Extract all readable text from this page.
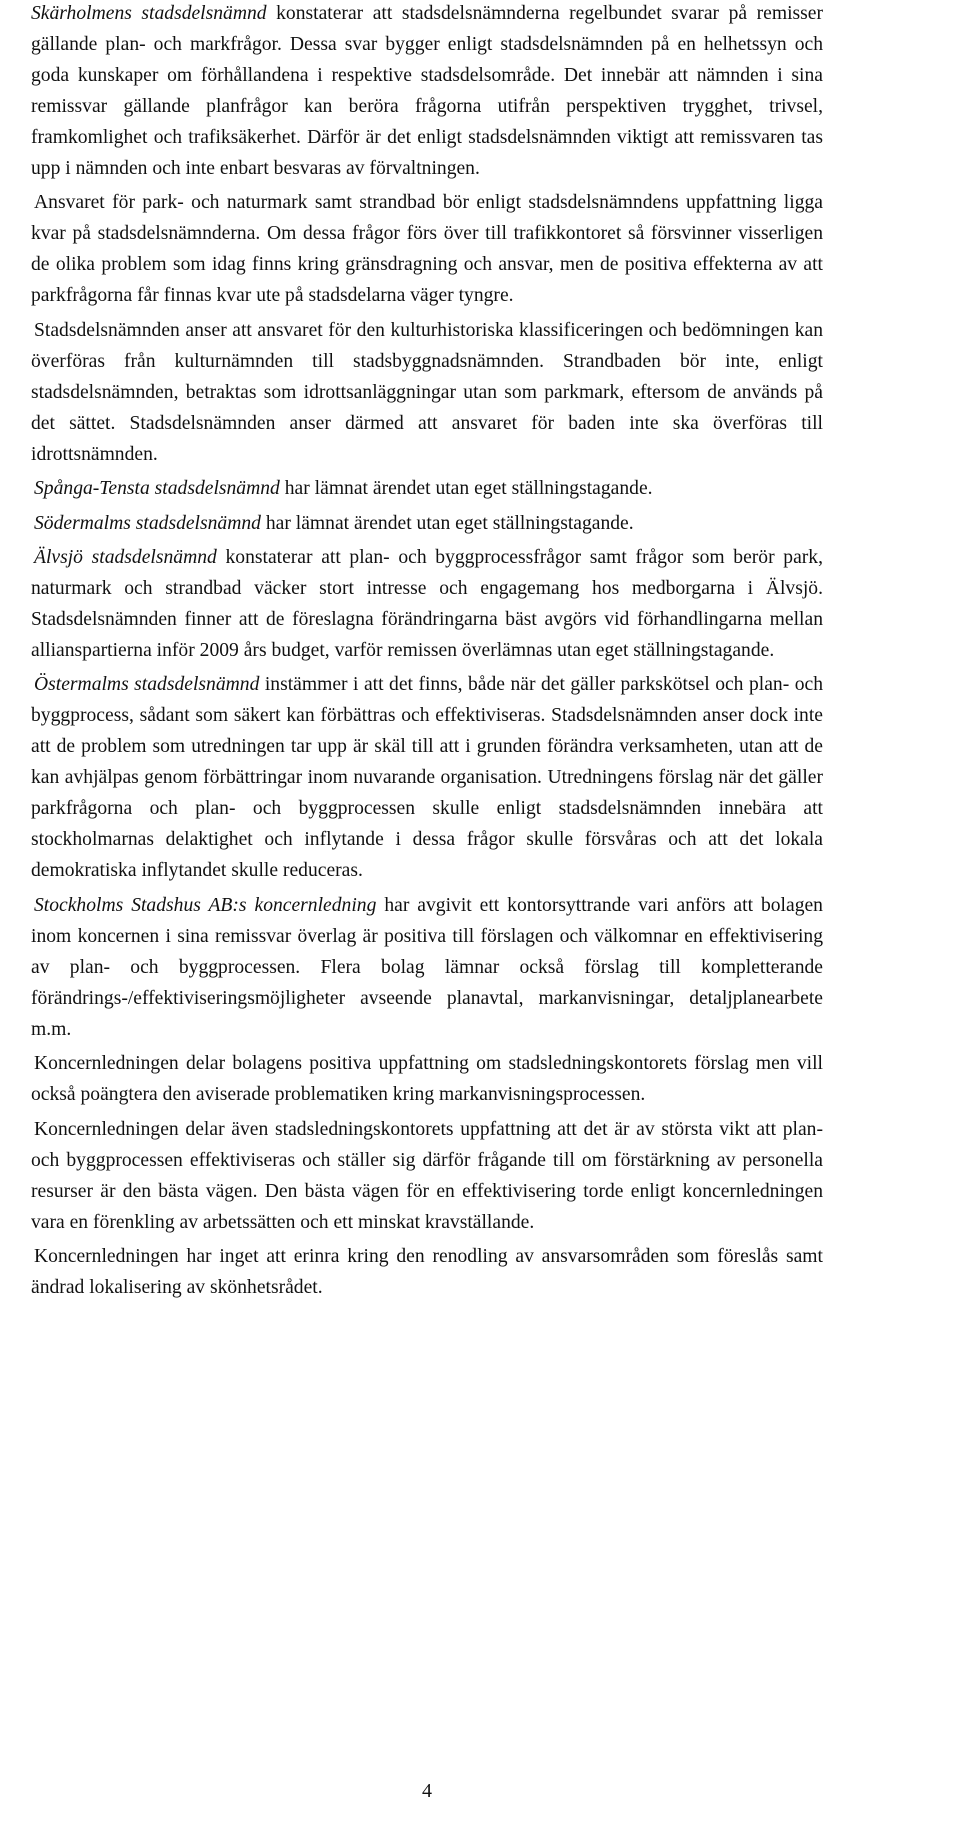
Skärholmens stadsdelsnämnd konstaterar att stadsdelsnämnderna regelbundet svarar på remisser gällande plan- och markfrågor. Dessa svar bygger enligt stadsdelsnämnden på en helhetssyn och goda kunskaper om förhållandena i respektive stadsdelsområde. Det innebär att nämnden i sina remissvar gällande planfrågor kan beröra frågorna utifrån perspektiven trygghet, trivsel, framkomlighet och trafiksäkerhet. Därför är det enligt stadsdelsnämnden viktigt att remissvaren tas upp i nämnden och inte enbart besvaras av förvaltningen.

Ansvaret för park- och naturmark samt strandbad bör enligt stadsdelsnämndens uppfattning ligga kvar på stadsdelsnämnderna. Om dessa frågor förs över till trafikkontoret så försvinner visserligen de olika problem som idag finns kring gränsdragning och ansvar, men de positiva effekterna av att parkfrågorna får finnas kvar ute på stadsdelarna väger tyngre.

Stadsdelsnämnden anser att ansvaret för den kulturhistoriska klassificeringen och bedömningen kan överföras från kulturnämnden till stadsbyggnadsnämnden. Strandbaden bör inte, enligt stadsdelsnämnden, betraktas som idrottsanläggningar utan som parkmark, eftersom de används på det sättet. Stadsdelsnämnden anser därmed att ansvaret för baden inte ska överföras till idrottsnämnden.

Spånga-Tensta stadsdelsnämnd har lämnat ärendet utan eget ställningstagande.

Södermalms stadsdelsnämnd har lämnat ärendet utan eget ställningstagande.

Älvsjö stadsdelsnämnd konstaterar att plan- och byggprocessfrågor samt frågor som berör park, naturmark och strandbad väcker stort intresse och engagemang hos medborgarna i Älvsjö. Stadsdelsnämnden finner att de föreslagna förändringarna bäst avgörs vid förhandlingarna mellan allianspartierna inför 2009 års budget, varför remissen överlämnas utan eget ställningstagande.

Östermalms stadsdelsnämnd instämmer i att det finns, både när det gäller parkskötsel och plan- och byggprocess, sådant som säkert kan förbättras och effektiviseras. Stadsdelsnämnden anser dock inte att de problem som utredningen tar upp är skäl till att i grunden förändra verksamheten, utan att de kan avhjälpas genom förbättringar inom nuvarande organisation. Utredningens förslag när det gäller parkfrågorna och plan- och byggprocessen skulle enligt stadsdelsnämnden innebära att stockholmarnas delaktighet och inflytande i dessa frågor skulle försvåras och att det lokala demokratiska inflytandet skulle reduceras.

Stockholms Stadshus AB:s koncernledning har avgivit ett kontorsyttrande vari anförs att bolagen inom koncernen i sina remissvar överlag är positiva till förslagen och välkomnar en effektivisering av plan- och byggprocessen. Flera bolag lämnar också förslag till kompletterande förändrings-/effektiviseringsmöjligheter avseende planavtal, markanvisningar, detaljplanearbete m.m.

Koncernledningen delar bolagens positiva uppfattning om stadsledningskontorets förslag men vill också poängtera den aviserade problematiken kring markanvisningsprocessen.

Koncernledningen delar även stadsledningskontorets uppfattning att det är av största vikt att plan- och byggprocessen effektiviseras och ställer sig därför frågande till om förstärkning av personella resurser är den bästa vägen. Den bästa vägen för en effektivisering torde enligt koncernledningen vara en förenkling av arbetssätten och ett minskat kravställande.

Koncernledningen har inget att erinra kring den renodling av ansvarsområden som föreslås samt ändrad lokalisering av skönhetsrådet.

4
